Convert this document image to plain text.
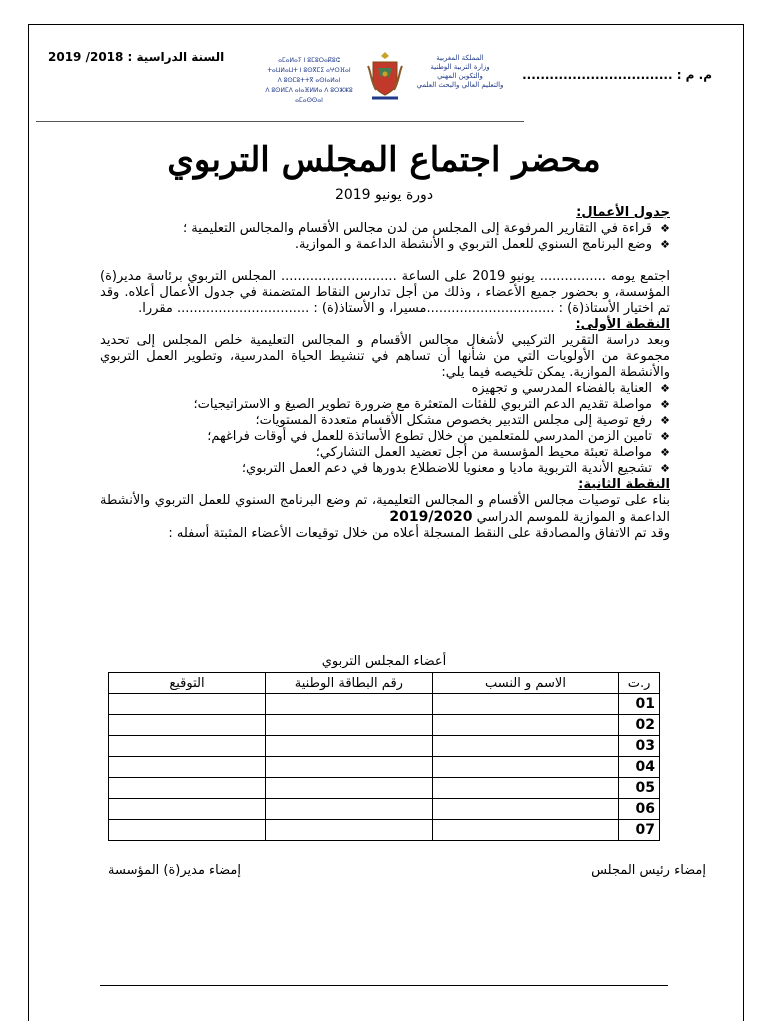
السنة الدراسية : 2018/ 2019
م. م : .................................
ⴰⵎⴰⵍⴰⵢ ⵏ ⵓⵎⵓⵔⴰⴽⵓⵛ
ⵜⴰⵡⵍⴰⵡⵜ ⵏ ⵓⵙⴳⵎⵉ ⴰⵖⵔⴼⴰⵏ
ⴷ ⵓⵙⵎⵓⵜⵜⴳ ⴰⵙⵏⴰⵍⴰⵏ
ⴷ ⵓⵙⵍⵎⴷ ⴰⵏⴰⴼⵍⵍⴰ ⴷ ⵓⵔⵣⵣⵓ ⴰⵎⴰⵙⵙⴰⵏ
المملكة المغربية
وزارة التربية الوطنية
والتكوين المهني
والتعليم العالي والبحث العلمي
محضر اجتماع المجلس التربوي
دورة يونيو 2019
جدول الأعمال:
❖ قراءة في التقارير المرفوعة إلى المجلس من لدن مجالس الأقسام والمجالس التعليمية ؛
❖ وضع البرنامج السنوي للعمل التربوي و الأنشطة الداعمة و الموازية.
اجتمع يومه ................ يونيو 2019 على الساعة ............................ المجلس التربوي برئاسة مدير(ة) المؤسسة، و بحضور جميع الأعضاء ، وذلك من أجل تدارس النقاط المتضمنة في جدول الأعمال أعلاه. وقد تم اختيار الأستاذ(ة) : ...............................مسيرا، و الأستاذ(ة) : ................................ مقررا.
النقطة الأولى:
وبعد دراسة التقرير التركيبي لأشغال مجالس الأقسام و المجالس التعليمية خلص المجلس إلى تحديد مجموعة من الأولويات التي من شأنها أن تساهم في تنشيط الحياة المدرسية، وتطوير العمل التربوي والأنشطة الموازية. يمكن تلخيصه فيما يلي:
❖ العناية بالفضاء المدرسي و تجهيزه
❖ مواصلة تقديم الدعم التربوي للفئات المتعثرة مع ضرورة تطوير الصيغ و الاستراتيجيات؛
❖ رفع توصية إلى مجلس التدبير بخصوص مشكل الأقسام متعددة المستويات؛
❖ تامين الزمن المدرسي للمتعلمين من خلال تطوع الأساتذة للعمل في أوقات فراغهم؛
❖ مواصلة تعبئة محيط المؤسسة من أجل تعضيد العمل التشاركي؛
❖ تشجيع الأندية التربوية ماديا و معنويا للاضطلاع بدورها في دعم العمل التربوي؛
النقطة الثانية:
بناء على توصيات مجالس الأقسام و المجالس التعليمية، تم وضع البرنامج السنوي للعمل التربوي والأنشطة الداعمة و الموازية للموسم الدراسي 2019/2020
وقد تم الاتفاق والمصادقة على النقط المسجلة أعلاه من خلال توقيعات الأعضاء المثبتة أسفله :
أعضاء المجلس التربوي
ر.ت	الاسم و النسب	رقم البطاقة الوطنية	التوقيع
01			
02			
03			
04			
05			
06			
07			
إمضاء رئيس المجلس
إمضاء مدير(ة) المؤسسة
